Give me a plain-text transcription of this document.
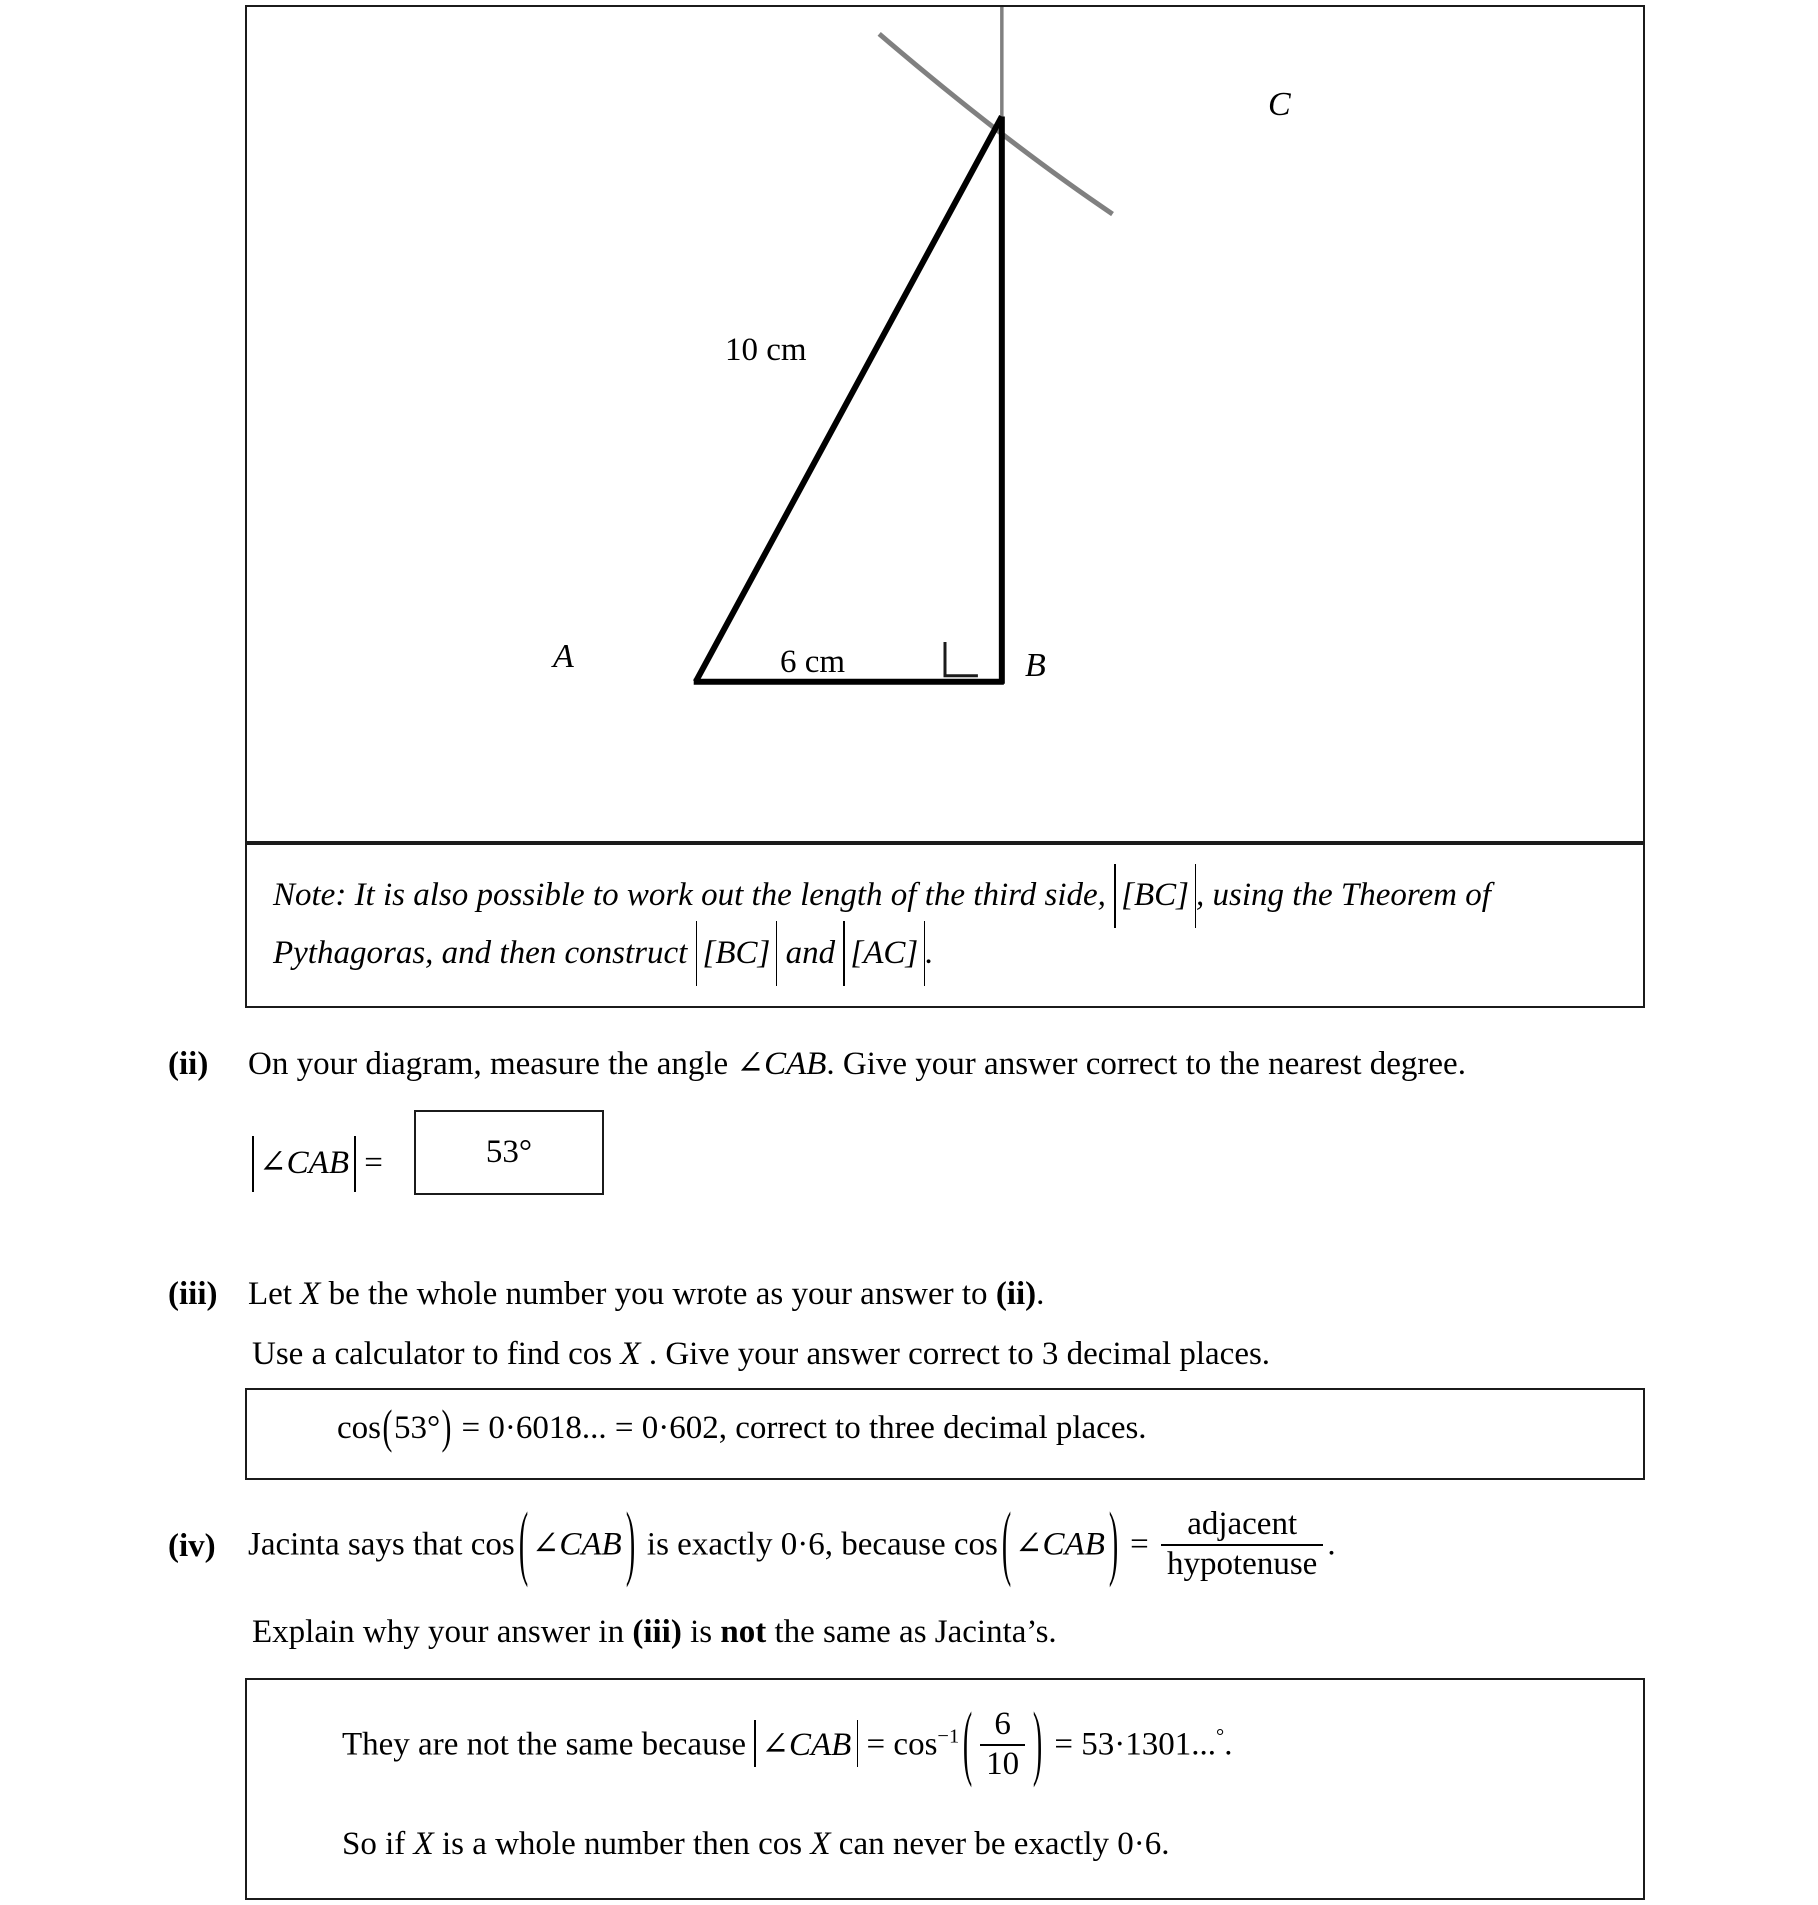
C
A	B
10 cm
6 cm
Note: It is also possible to work out the length of the third side, [BC] , using the Theorem of
Pythagoras, and then construct [BC] and [AC] .
(ii)	On your diagram, measure the angle ∠CAB. Give your answer correct to the nearest degree.
∠CAB =	53°
(iii) Let X be the whole number you wrote as your answer to (ii).
Use a calculator to find cos X . Give your answer correct to 3 decimal places.
cos(53°) = 0·6018... = 0·602, correct to three decimal places.
(iv) Jacinta says that cos ( ∠CAB ) is exactly 0·6, because cos ( ∠CAB ) = $\frac{\text{adjacent}}{\text{hypotenuse}}$ .
Explain why your answer in (iii) is not the same as Jacinta’s.
They are not the same because ∠CAB = $\cos^{-1}$ ( $\frac{6}{10}$ ) = 53·1301...°.
So if X is a whole number then cos X can never be exactly 0·6.
